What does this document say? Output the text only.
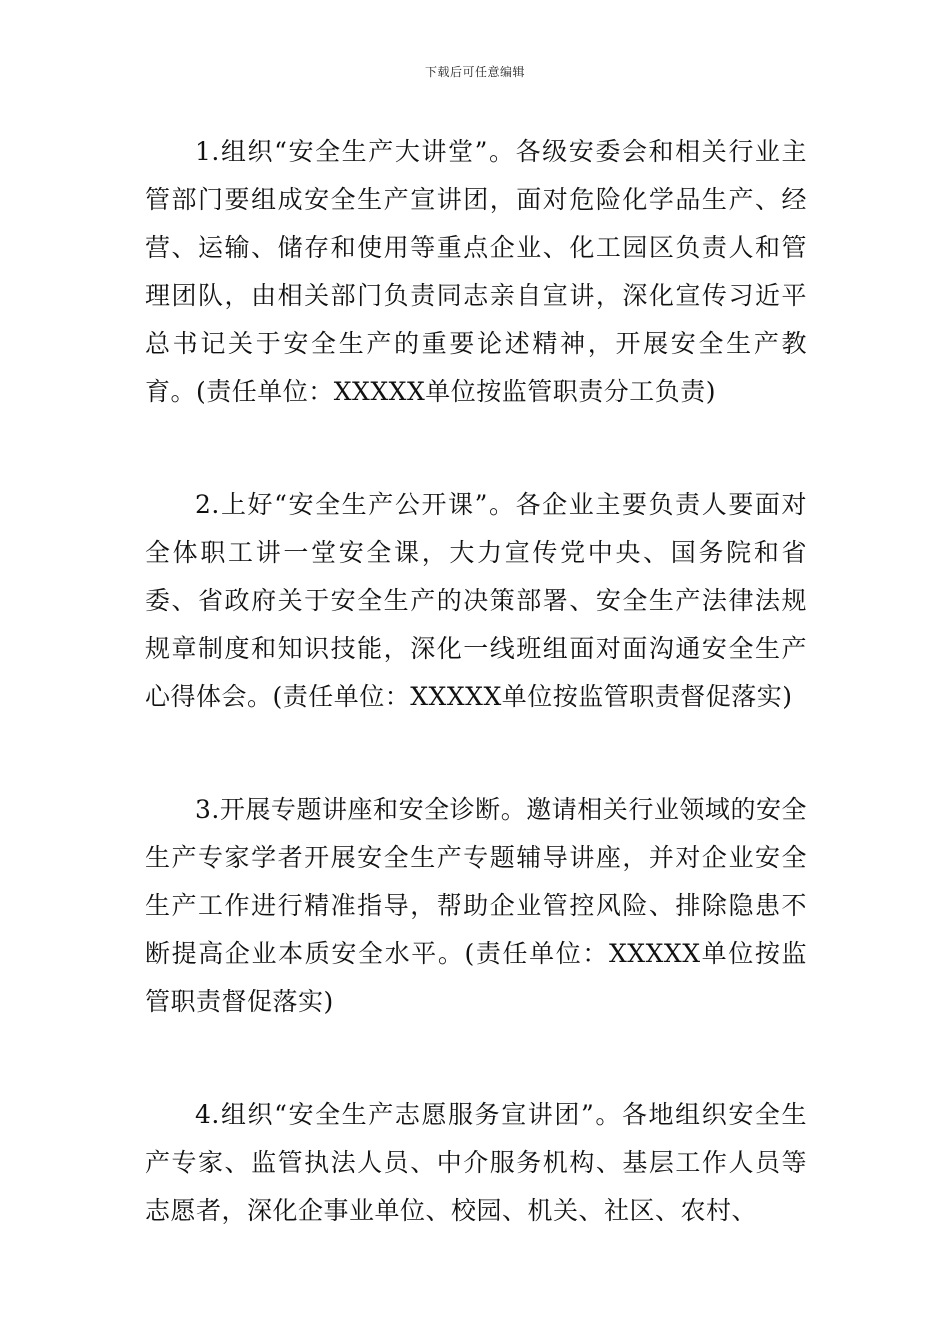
下载后可任意编辑

1.组织“安全生产大讲堂”。各级安委会和相关行业主管部门要组成安全生产宣讲团，面对危险化学品生产、经营、运输、储存和使用等重点企业、化工园区负责人和管理团队，由相关部门负责同志亲自宣讲，深化宣传习近平总书记关于安全生产的重要论述精神，开展安全生产教育。(责任单位：XXXXX单位按监管职责分工负责)

2.上好“安全生产公开课”。各企业主要负责人要面对全体职工讲一堂安全课，大力宣传党中央、国务院和省委、省政府关于安全生产的决策部署、安全生产法律法规规章制度和知识技能，深化一线班组面对面沟通安全生产心得体会。(责任单位：XXXXX单位按监管职责督促落实)

3.开展专题讲座和安全诊断。邀请相关行业领域的安全生产专家学者开展安全生产专题辅导讲座，并对企业安全生产工作进行精准指导，帮助企业管控风险、排除隐患不断提高企业本质安全水平。(责任单位：XXXXX单位按监管职责督促落实)

4.组织“安全生产志愿服务宣讲团”。各地组织安全生产专家、监管执法人员、中介服务机构、基层工作人员等志愿者，深化企事业单位、校园、机关、社区、农村、
